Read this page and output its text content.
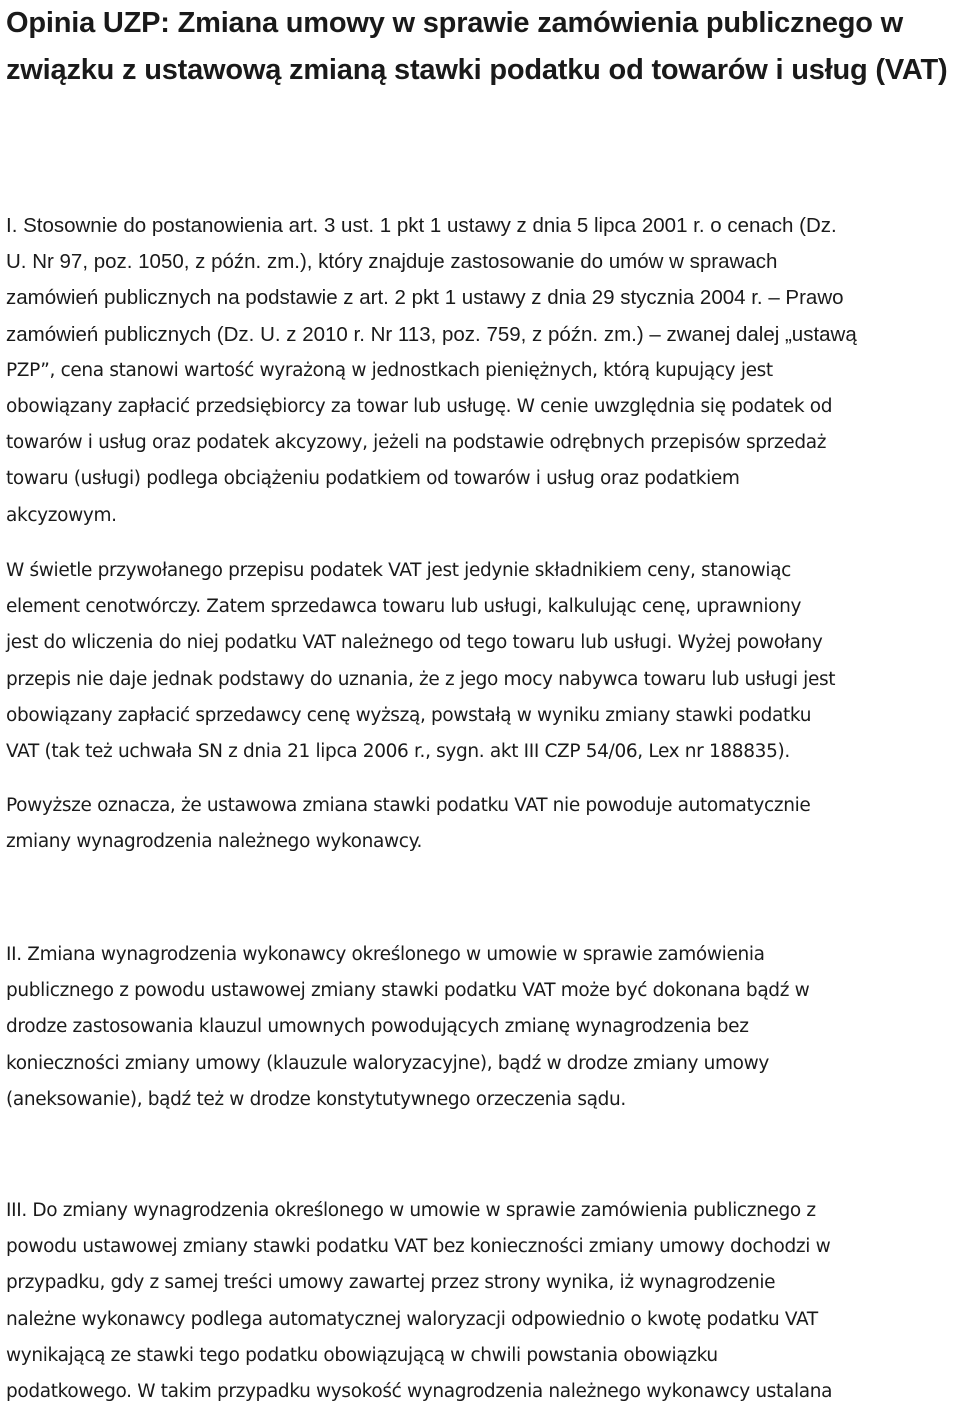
Opinia UZP: Zmiana umowy w sprawie zamówienia publicznego w związku z ustawową zmianą stawki podatku od towarów i usług (VAT)
I. Stosownie do postanowienia art. 3 ust. 1 pkt 1 ustawy z dnia 5 lipca 2001 r. o cenach (Dz.
U. Nr 97, poz. 1050, z późn. zm.), który znajduje zastosowanie do umów w sprawach
zamówień publicznych na podstawie z art. 2 pkt 1 ustawy z dnia 29 stycznia 2004 r. – Prawo
zamówień publicznych (Dz. U. z 2010 r. Nr 113, poz. 759, z późn. zm.) – zwanej dalej „ustawą
PZP”, cena stanowi wartość wyrażoną w jednostkach pieniężnych, którą kupujący jest
obowiązany zapłacić przedsiębiorcy za towar lub usługę. W cenie uwzględnia się podatek od
towarów i usług oraz podatek akcyzowy, jeżeli na podstawie odrębnych przepisów sprzedaż
towaru (usługi) podlega obciążeniu podatkiem od towarów i usług oraz podatkiem
akcyzowym.
W świetle przywołanego przepisu podatek VAT jest jedynie składnikiem ceny, stanowiąc
element cenotwórczy. Zatem sprzedawca towaru lub usługi, kalkulując cenę, uprawniony
jest do wliczenia do niej podatku VAT należnego od tego towaru lub usługi. Wyżej powołany
przepis nie daje jednak podstawy do uznania, że z jego mocy nabywca towaru lub usługi jest
obowiązany zapłacić sprzedawcy cenę wyższą, powstałą w wyniku zmiany stawki podatku
VAT (tak też uchwała SN z dnia 21 lipca 2006 r., sygn. akt III CZP 54/06, Lex nr 188835).
Powyższe oznacza, że ustawowa zmiana stawki podatku VAT nie powoduje automatycznie
zmiany wynagrodzenia należnego wykonawcy.
II. Zmiana wynagrodzenia wykonawcy określonego w umowie w sprawie zamówienia
publicznego z powodu ustawowej zmiany stawki podatku VAT może być dokonana bądź w
drodze zastosowania klauzul umownych powodujących zmianę wynagrodzenia bez
konieczności zmiany umowy (klauzule waloryzacyjne), bądź w drodze zmiany umowy
(aneksowanie), bądź też w drodze konstytutywnego orzeczenia sądu.
III. Do zmiany wynagrodzenia określonego w umowie w sprawie zamówienia publicznego z
powodu ustawowej zmiany stawki podatku VAT bez konieczności zmiany umowy dochodzi w
przypadku, gdy z samej treści umowy zawartej przez strony wynika, iż wynagrodzenie
należne wykonawcy podlega automatycznej waloryzacji odpowiednio o kwotę podatku VAT
wynikającą ze stawki tego podatku obowiązującą w chwili powstania obowiązku
podatkowego. W takim przypadku wysokość wynagrodzenia należnego wykonawcy ustalana
